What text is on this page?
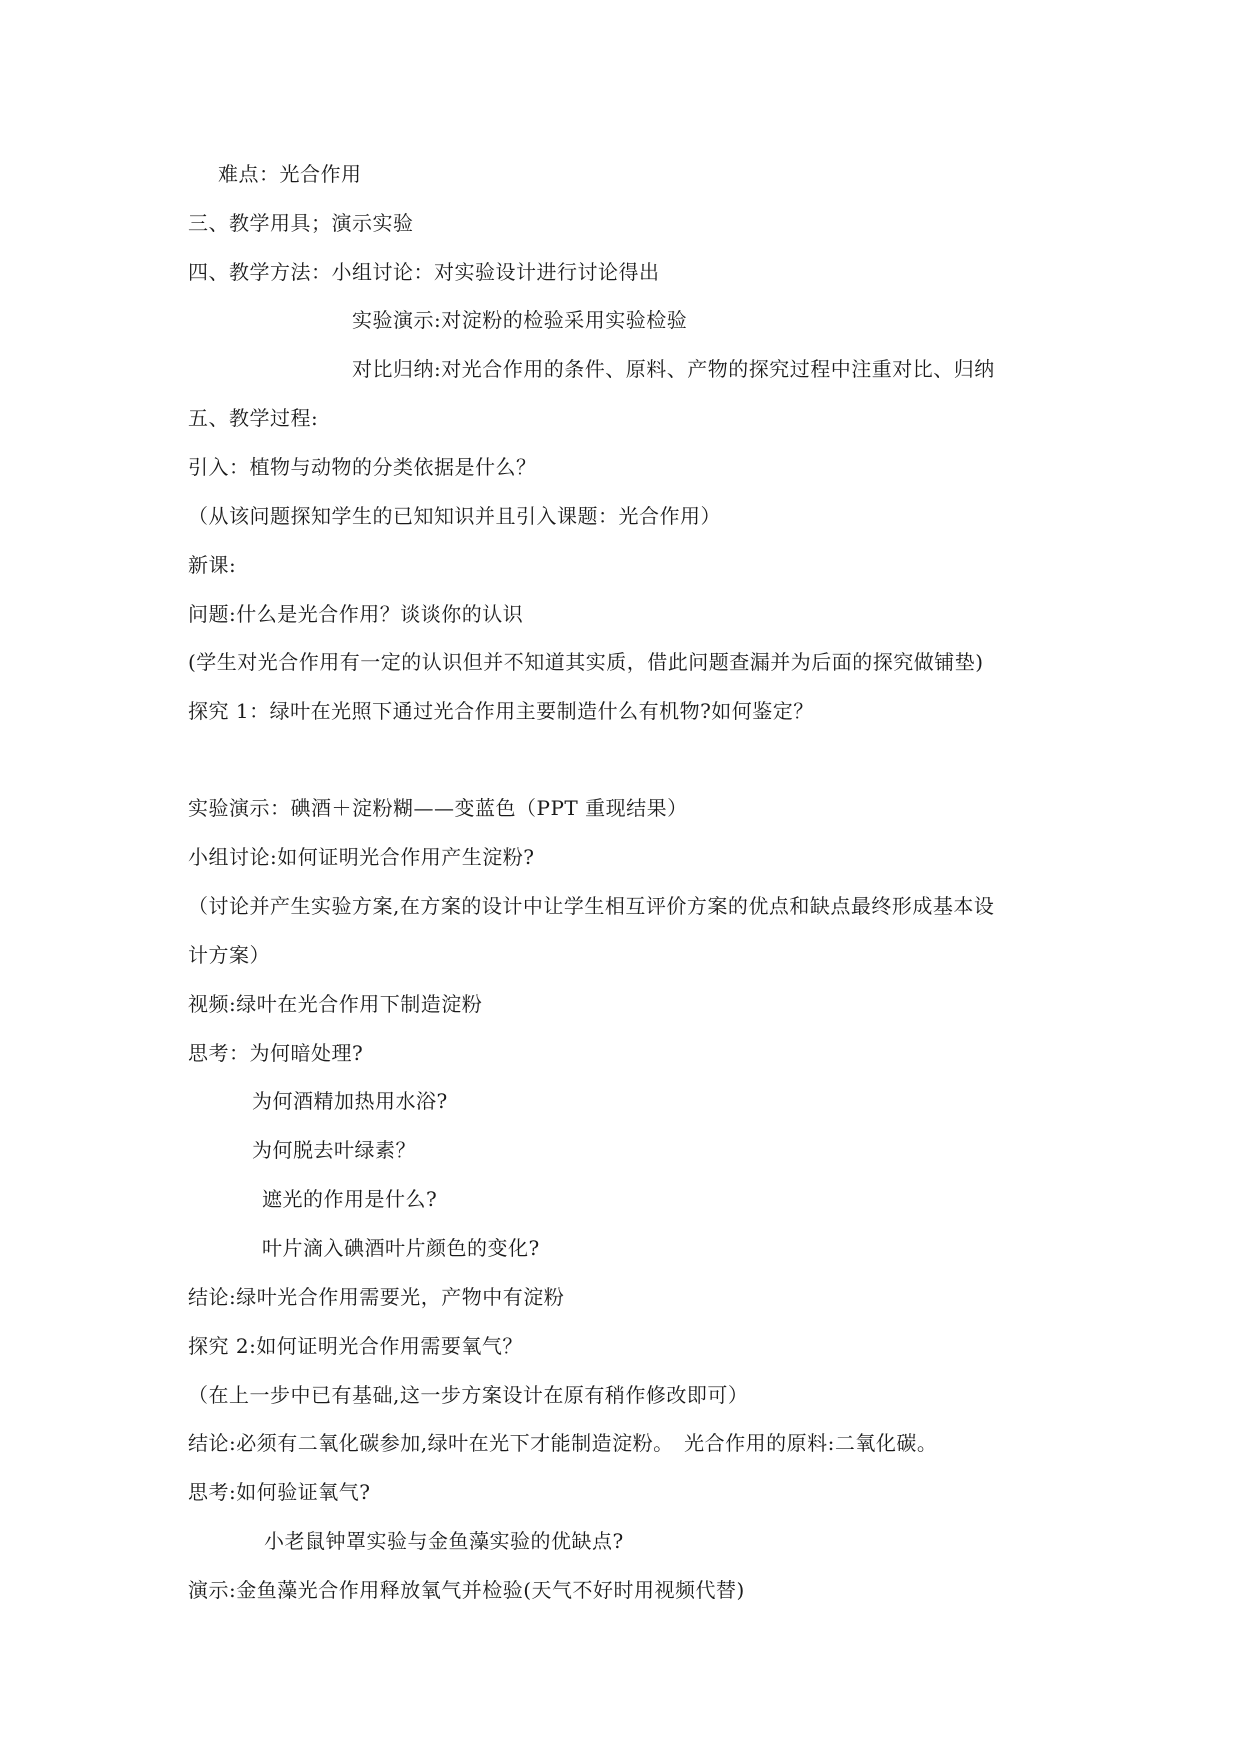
难点：光合作用
三、教学用具；演示实验
四、教学方法：小组讨论：对实验设计进行讨论得出
实验演示:对淀粉的检验采用实验检验
对比归纳:对光合作用的条件、原料、产物的探究过程中注重对比、归纳
五、教学过程:
引入：植物与动物的分类依据是什么？
（从该问题探知学生的已知知识并且引入课题：光合作用）
新课:
问题:什么是光合作用？谈谈你的认识
(学生对光合作用有一定的认识但并不知道其实质，借此问题查漏并为后面的探究做铺垫)
探究 1：绿叶在光照下通过光合作用主要制造什么有机物?如何鉴定？
实验演示：碘酒＋淀粉糊——变蓝色（PPT 重现结果）
小组讨论:如何证明光合作用产生淀粉?
（讨论并产生实验方案,在方案的设计中让学生相互评价方案的优点和缺点最终形成基本设
计方案）
视频:绿叶在光合作用下制造淀粉
思考：为何暗处理?
为何酒精加热用水浴?
为何脱去叶绿素？
遮光的作用是什么?
叶片滴入碘酒叶片颜色的变化?
结论:绿叶光合作用需要光，产物中有淀粉
探究 2:如何证明光合作用需要氧气？
（在上一步中已有基础,这一步方案设计在原有稍作修改即可）
结论:必须有二氧化碳参加,绿叶在光下才能制造淀粉。　光合作用的原料:二氧化碳。
思考:如何验证氧气?
小老鼠钟罩实验与金鱼藻实验的优缺点?
演示:金鱼藻光合作用释放氧气并检验(天气不好时用视频代替)
